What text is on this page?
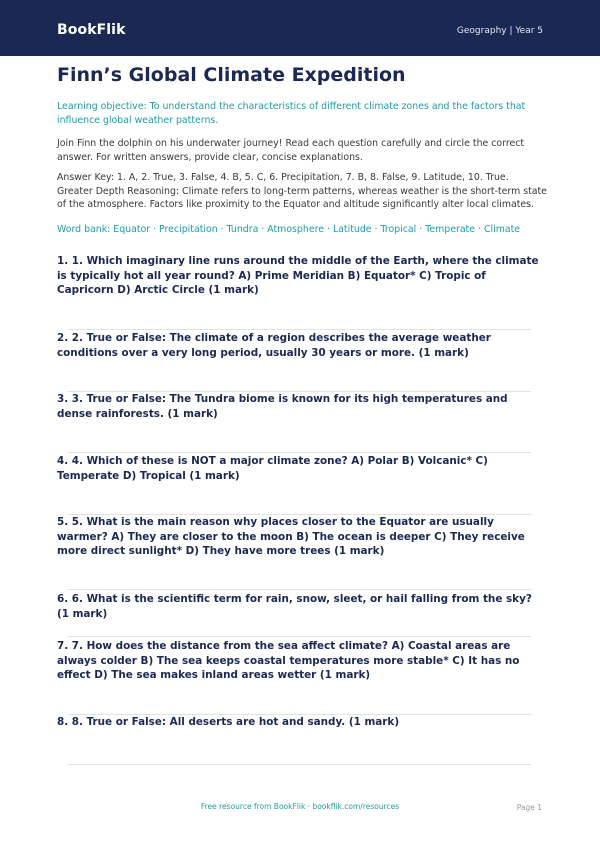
BookFlik	Geography | Year 5
Finn’s Global Climate Expedition
Learning objective: To understand the characteristics of different climate zones and the factors that influence global weather patterns.
Join Finn the dolphin on his underwater journey! Read each question carefully and circle the correct answer. For written answers, provide clear, concise explanations.
Answer Key: 1. A, 2. True, 3. False, 4. B, 5. C, 6. Precipitation, 7. B, 8. False, 9. Latitude, 10. True. Greater Depth Reasoning: Climate refers to long-term patterns, whereas weather is the short-term state of the atmosphere. Factors like proximity to the Equator and altitude significantly alter local climates.
Word bank: Equator · Precipitation · Tundra · Atmosphere · Latitude · Tropical · Temperate · Climate
1. 1. Which imaginary line runs around the middle of the Earth, where the climate is typically hot all year round? A) Prime Meridian B) Equator* C) Tropic of Capricorn D) Arctic Circle (1 mark)
2. 2. True or False: The climate of a region describes the average weather conditions over a very long period, usually 30 years or more. (1 mark)
3. 3. True or False: The Tundra biome is known for its high temperatures and dense rainforests. (1 mark)
4. 4. Which of these is NOT a major climate zone? A) Polar B) Volcanic* C) Temperate D) Tropical (1 mark)
5. 5. What is the main reason why places closer to the Equator are usually warmer? A) They are closer to the moon B) The ocean is deeper C) They receive more direct sunlight* D) They have more trees (1 mark)
6. 6. What is the scientific term for rain, snow, sleet, or hail falling from the sky? (1 mark)
7. 7. How does the distance from the sea affect climate? A) Coastal areas are always colder B) The sea keeps coastal temperatures more stable* C) It has no effect D) The sea makes inland areas wetter (1 mark)
8. 8. True or False: All deserts are hot and sandy. (1 mark)
Free resource from BookFlik · bookflik.com/resources	Page 1
